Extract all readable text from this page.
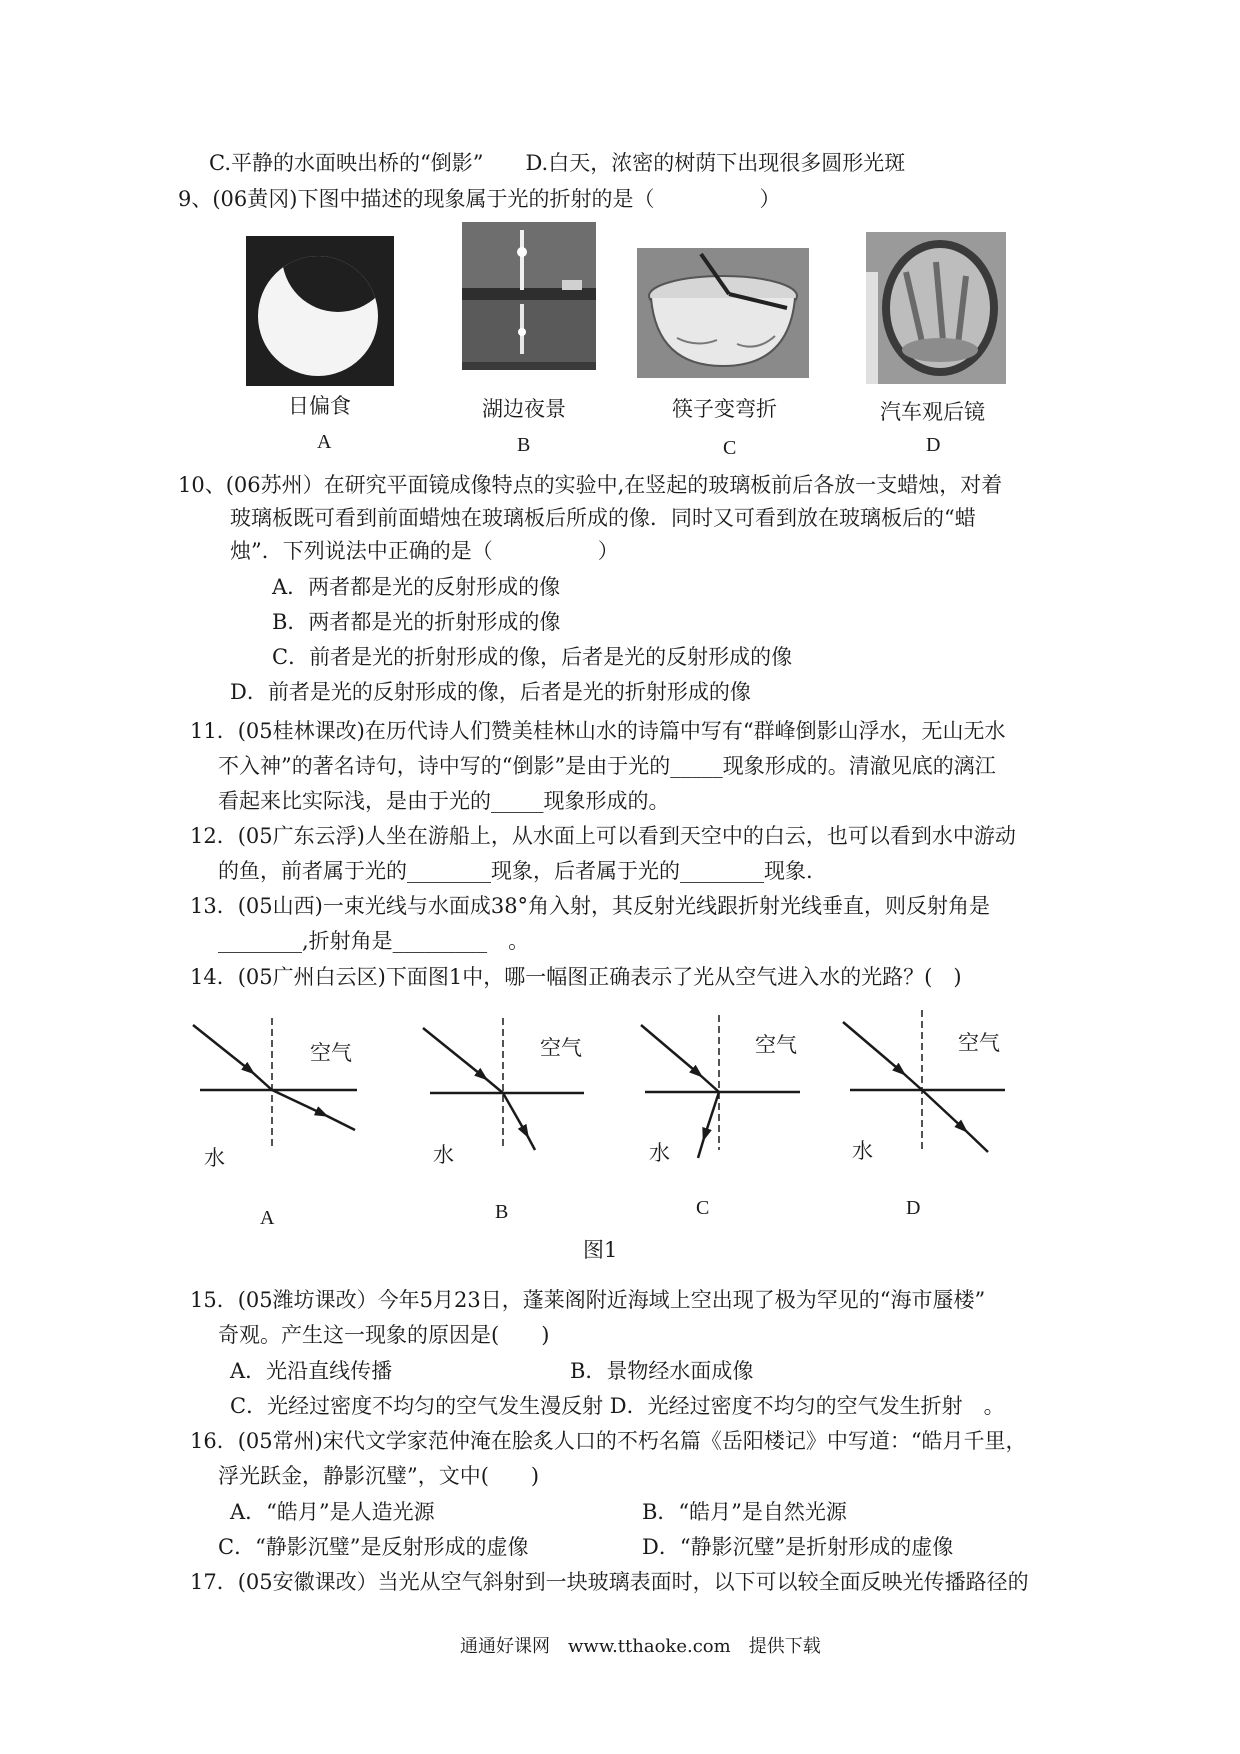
C.平静的水面映出桥的“倒影”　　D.白天，浓密的树荫下出现很多圆形光斑
9、(06黄冈)下图中描述的现象属于光的折射的是（　　　　　）
日偏食	湖边夜景	筷子变弯折	汽车观后镜
A	B	C	D
10、(06苏州）在研究平面镜成像特点的实验中,在竖起的玻璃板前后各放一支蜡烛，对着
玻璃板既可看到前面蜡烛在玻璃板后所成的像．同时又可看到放在玻璃板后的“蜡
烛”．下列说法中正确的是（　　　　　）
A．两者都是光的反射形成的像
B．两者都是光的折射形成的像
C．前者是光的折射形成的像，后者是光的反射形成的像
D．前者是光的反射形成的像，后者是光的折射形成的像
11．(05桂林课改)在历代诗人们赞美桂林山水的诗篇中写有“群峰倒影山浮水，无山无水
不入神”的著名诗句，诗中写的“倒影”是由于光的_____现象形成的。清澈见底的漓江
看起来比实际浅，是由于光的_____现象形成的。
12．(05广东云浮)人坐在游船上，从水面上可以看到天空中的白云，也可以看到水中游动
的鱼，前者属于光的________现象，后者属于光的________现象.
13．(05山西)一束光线与水面成38°角入射，其反射光线跟折射光线垂直，则反射角是
________,折射角是_________　。
14．(05广州白云区)下面图1中，哪一幅图正确表示了光从空气进入水的光路？(　)
空气
水
空气
水
空气
水
空气
水
A	B	C	D
图1
15．(05潍坊课改）今年5月23日，蓬莱阁附近海域上空出现了极为罕见的“海市蜃楼”
奇观。产生这一现象的原因是(　　)
A．光沿直线传播	B．景物经水面成像
C．光经过密度不均匀的空气发生漫反射 D．光经过密度不均匀的空气发生折射　。
16．(05常州)宋代文学家范仲淹在脍炙人口的不朽名篇《岳阳楼记》中写道：“皓月千里，
浮光跃金，静影沉璧”，文中(　　)
A．“皓月”是人造光源	B．“皓月”是自然光源
C．“静影沉璧”是反射形成的虚像	D．“静影沉璧”是折射形成的虚像
17．(05安徽课改）当光从空气斜射到一块玻璃表面时，以下可以较全面反映光传播路径的
通通好课网　www.tthaoke.com　提供下载
